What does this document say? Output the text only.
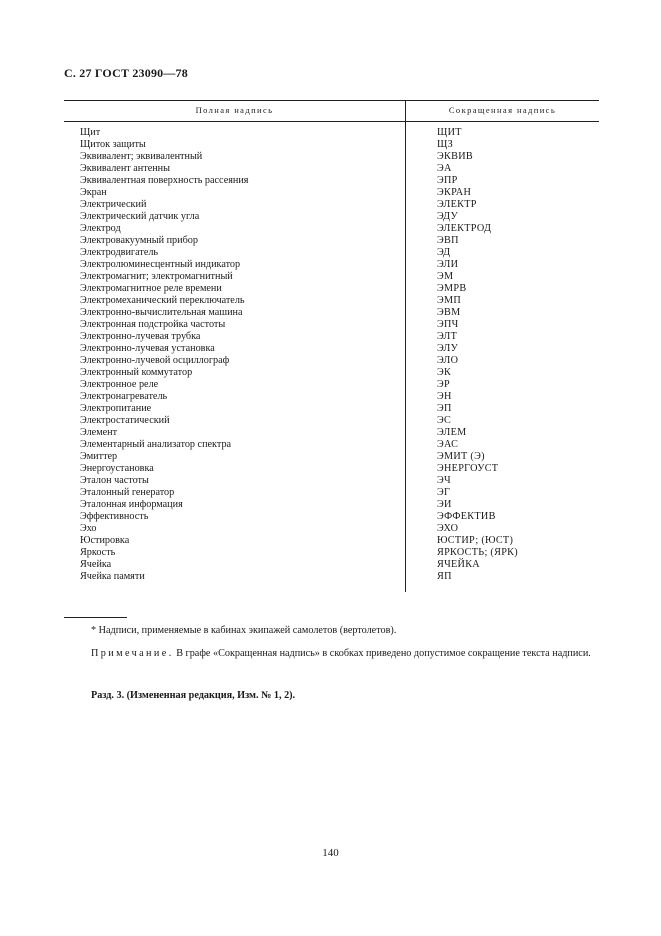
С. 27 ГОСТ 23090—78
Полная надпись	Сокращенная надпись
Щит	ЩИТ
Щиток защиты	ЩЗ
Эквивалент; эквивалентный	ЭКВИВ
Эквивалент антенны	ЭА
Эквивалентная поверхность рассеяния	ЭПР
Экран	ЭКРАН
Электрический	ЭЛЕКТР
Электрический датчик угла	ЭДУ
Электрод	ЭЛЕКТРОД
Электровакуумный прибор	ЭВП
Электродвигатель	ЭД
Электролюминесцентный индикатор	ЭЛИ
Электромагнит; электромагнитный	ЭМ
Электромагнитное реле времени	ЭМРВ
Электромеханический переключатель	ЭМП
Электронно-вычислительная машина	ЭВМ
Электронная подстройка частоты	ЭПЧ
Электронно-лучевая трубка	ЭЛТ
Электронно-лучевая установка	ЭЛУ
Электронно-лучевой осциллограф	ЭЛО
Электронный коммутатор	ЭК
Электронное реле	ЭР
Электронагреватель	ЭН
Электропитание	ЭП
Электростатический	ЭС
Элемент	ЭЛЕМ
Элементарный анализатор спектра	ЭАС
Эмиттер	ЭМИТ (Э)
Энергоустановка	ЭНЕРГОУСТ
Эталон частоты	ЭЧ
Эталонный генератор	ЭГ
Эталонная информация	ЭИ
Эффективность	ЭФФЕКТИВ
Эхо	ЭХО
Юстировка	ЮСТИР; (ЮСТ)
Яркость	ЯРКОСТЬ; (ЯРК)
Ячейка	ЯЧЕЙКА
Ячейка памяти	ЯП
* Надписи, применяемые в кабинах экипажей самолетов (вертолетов).
Примечание. В графе «Сокращенная надпись» в скобках приведено допустимое сокращение текста надписи.
Разд. 3. (Измененная редакция, Изм. № 1, 2).
140
